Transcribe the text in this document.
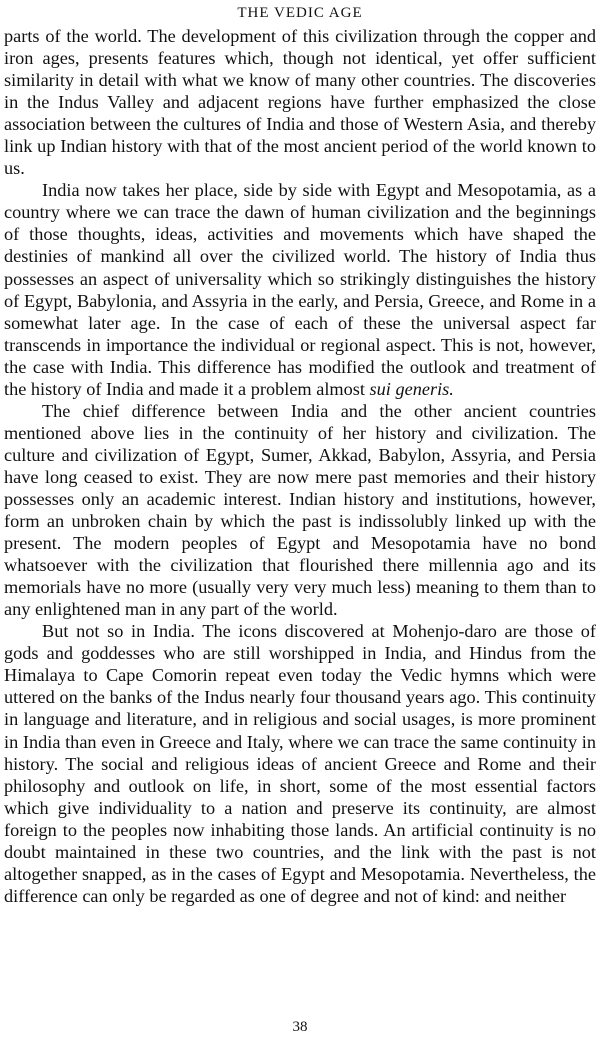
THE VEDIC AGE

parts of the world. The development of this civilization through the copper and iron ages, presents features which, though not identical, yet offer sufficient similarity in detail with what we know of many other countries. The discoveries in the Indus Valley and adjacent regions have further emphasized the close association between the cultures of India and those of Western Asia, and thereby link up Indian history with that of the most ancient period of the world known to us.

India now takes her place, side by side with Egypt and Mesopotamia, as a country where we can trace the dawn of human civilization and the beginnings of those thoughts, ideas, activities and movements which have shaped the destinies of mankind all over the civilized world. The history of India thus possesses an aspect of universality which so strikingly distinguishes the history of Egypt, Babylonia, and Assyria in the early, and Persia, Greece, and Rome in a somewhat later age. In the case of each of these the universal aspect far transcends in importance the individual or regional aspect. This is not, however, the case with India. This difference has modified the outlook and treatment of the history of India and made it a problem almost sui generis.

The chief difference between India and the other ancient countries mentioned above lies in the continuity of her history and civilization. The culture and civilization of Egypt, Sumer, Akkad, Babylon, Assyria, and Persia have long ceased to exist. They are now mere past memories and their history possesses only an academic interest. Indian history and institutions, however, form an unbroken chain by which the past is indissolubly linked up with the present. The modern peoples of Egypt and Mesopotamia have no bond whatsoever with the civilization that flourished there millennia ago and its memorials have no more (usually very very much less) meaning to them than to any enlightened man in any part of the world.

But not so in India. The icons discovered at Mohenjo-daro are those of gods and goddesses who are still worshipped in India, and Hindus from the Himalaya to Cape Comorin repeat even today the Vedic hymns which were uttered on the banks of the Indus nearly four thousand years ago. This continuity in language and literature, and in religious and social usages, is more prominent in India than even in Greece and Italy, where we can trace the same continuity in history. The social and religious ideas of ancient Greece and Rome and their philosophy and outlook on life, in short, some of the most essential factors which give individuality to a nation and preserve its continuity, are almost foreign to the peoples now inhabiting those lands. An artificial continuity is no doubt maintained in these two countries, and the link with the past is not altogether snapped, as in the cases of Egypt and Mesopotamia. Nevertheless, the difference can only be regarded as one of degree and not of kind: and neither

38
